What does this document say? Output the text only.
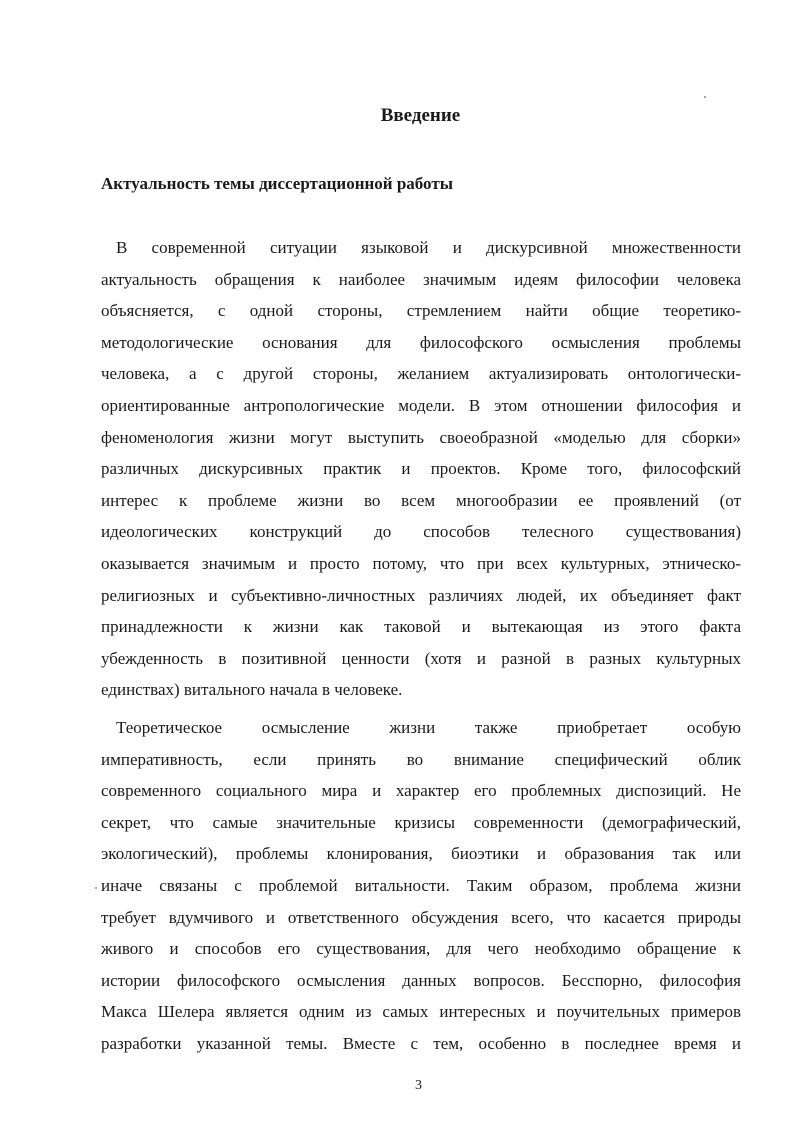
Введение
Актуальность темы диссертационной работы

В современной ситуации языковой и дискурсивной множественности
актуальность обращения к наиболее значимым идеям философии человека
объясняется, с одной стороны, стремлением найти общие теоретико-
методологические основания для философского осмысления проблемы
человека, а с другой стороны, желанием актуализировать онтологически-
ориентированные антропологические модели. В этом отношении философия и
феноменология жизни могут выступить своеобразной «моделью для сборки»
различных дискурсивных практик и проектов. Кроме того, философский
интерес к проблеме жизни во всем многообразии ее проявлений (от
идеологических конструкций до способов телесного существования)
оказывается значимым и просто потому, что при всех культурных, этническо-
религиозных и субъективно-личностных различиях людей, их объединяет факт
принадлежности к жизни как таковой и вытекающая из этого факта
убежденность в позитивной ценности (хотя и разной в разных культурных
единствах) витального начала в человеке.

Теоретическое осмысление жизни также приобретает особую
императивность, если принять во внимание специфический облик
современного социального мира и характер его проблемных диспозиций. Не
секрет, что самые значительные кризисы современности (демографический,
экологический), проблемы клонирования, биоэтики и образования так или
иначе связаны с проблемой витальности. Таким образом, проблема жизни
требует вдумчивого и ответственного обсуждения всего, что касается природы
живого и способов его существования, для чего необходимо обращение к
истории философского осмысления данных вопросов. Бесспорно, философия
Макса Шелера является одним из самых интересных и поучительных примеров
разработки указанной темы. Вместе с тем, особенно в последнее время и

3
